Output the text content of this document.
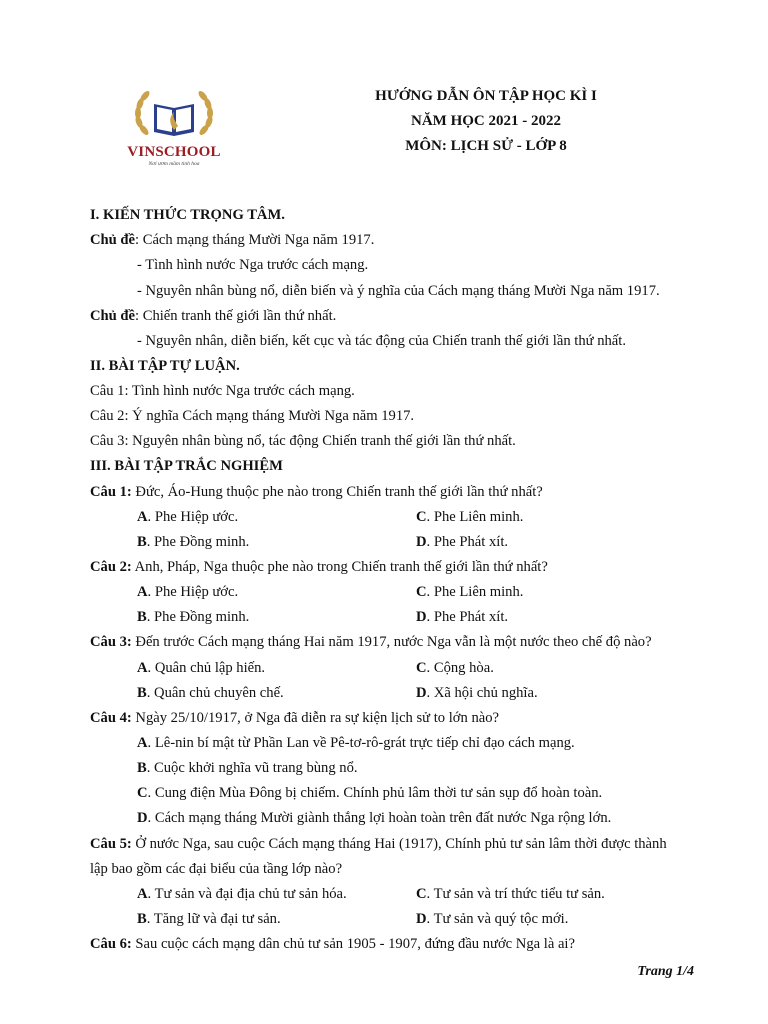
VINSCHOOL
Nơi ươm mầm tinh hoa
HƯỚNG DẪN ÔN TẬP HỌC KÌ I
NĂM HỌC 2021 - 2022
MÔN: LỊCH SỬ - LỚP 8
I. KIẾN THỨC TRỌNG TÂM.
Chủ đề: Cách mạng tháng Mười Nga năm 1917.
- Tình hình nước Nga trước cách mạng.
- Nguyên nhân bùng nổ, diễn biến và ý nghĩa của Cách mạng tháng Mười Nga năm 1917.
Chủ đề: Chiến tranh thế giới lần thứ nhất.
- Nguyên nhân, diễn biến, kết cục và tác động của Chiến tranh thế giới lần thứ nhất.
II. BÀI TẬP TỰ LUẬN.
Câu 1: Tình hình nước Nga trước cách mạng.
Câu 2: Ý nghĩa Cách mạng tháng Mười Nga năm 1917.
Câu 3: Nguyên nhân bùng nổ, tác động Chiến tranh thế giới lần thứ nhất.
III. BÀI TẬP TRẮC NGHIỆM
Câu 1: Đức, Áo-Hung thuộc phe nào trong Chiến tranh thế giới lần thứ nhất?
A. Phe Hiệp ước.	C. Phe Liên minh.
B. Phe Đồng minh.	D. Phe Phát xít.
Câu 2: Anh, Pháp, Nga thuộc phe nào trong Chiến tranh thế giới lần thứ nhất?
A. Phe Hiệp ước.	C. Phe Liên minh.
B. Phe Đồng minh.	D. Phe Phát xít.
Câu 3: Đến trước Cách mạng tháng Hai năm 1917, nước Nga vẫn là một nước theo chế độ nào?
A. Quân chủ lập hiến.	C. Cộng hòa.
B. Quân chủ chuyên chế.	D. Xã hội chủ nghĩa.
Câu 4: Ngày 25/10/1917, ở Nga đã diễn ra sự kiện lịch sử to lớn nào?
A. Lê-nin bí mật từ Phần Lan về Pê-tơ-rô-grát trực tiếp chỉ đạo cách mạng.
B. Cuộc khởi nghĩa vũ trang bùng nổ.
C. Cung điện Mùa Đông bị chiếm. Chính phủ lâm thời tư sản sụp đổ hoàn toàn.
D. Cách mạng tháng Mười giành thắng lợi hoàn toàn trên đất nước Nga rộng lớn.
Câu 5: Ở nước Nga, sau cuộc Cách mạng tháng Hai (1917), Chính phủ tư sản lâm thời được thành
lập bao gồm các đại biểu của tầng lớp nào?
A. Tư sản và đại địa chủ tư sản hóa.	C. Tư sản và trí thức tiểu tư sản.
B. Tăng lữ và đại tư sản.	D. Tư sản và quý tộc mới.
Câu 6: Sau cuộc cách mạng dân chủ tư sản 1905 - 1907, đứng đầu nước Nga là ai?
Trang 1/4
